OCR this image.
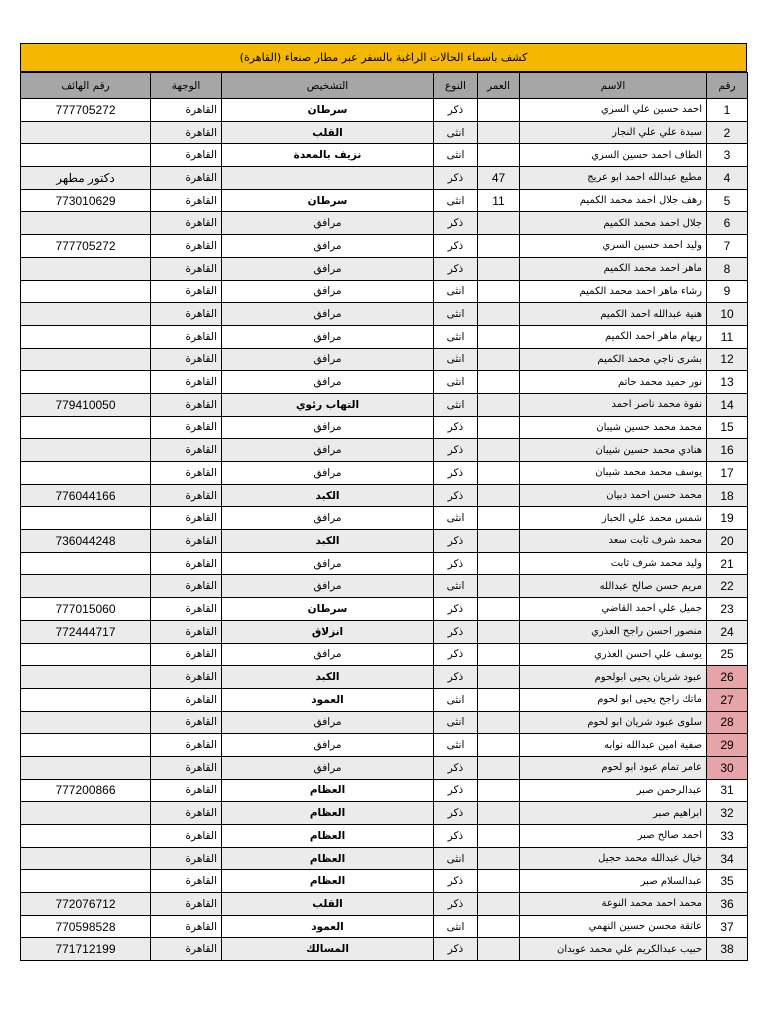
كشف باسماء الحالات الراغبة بالسفر عبر مطار صنعاء (القاهرة)
رقم	الاسم	العمر	النوع	التشخيص	الوجهة	رقم الهائف
1	احمد حسين علي السري		ذكر	سرطان	القاهرة	777705272
2	سبدة علي علي النجار		انثى	القلب	القاهرة	
3	الطاف احمد حسين السري		انثى	نزيف بالمعدة	القاهرة	
4	مطيع عبدالله احمد ابو عريج	47	ذكر		القاهرة	دكتور مطهر
5	رهف جلال احمد محمد الكميم	11	انثى	سرطان	القاهرة	773010629
6	جلال احمد محمد الكميم		ذكر	مرافق	القاهرة	
7	وليد احمد حسين السري		ذكر	مرافق	القاهرة	777705272
8	ماهر احمد محمد الكميم		ذكر	مرافق	القاهرة	
9	رشاء ماهر احمد محمد الكميم		انثى	مرافق	القاهرة	
10	هنية عبدالله احمد الكميم		انثى	مرافق	القاهرة	
11	ريهام ماهر احمد الكميم		انثى	مرافق	القاهرة	
12	بشرى ناجي محمد الكميم		انثى	مرافق	القاهرة	
13	نور حميد محمد حاتم		انثى	مرافق	القاهرة	
14	نفوة محمد ناصر احمد		انثى	التهاب رئوي	القاهرة	779410050
15	محمد محمد حسين شيبان		ذكر	مرافق	القاهرة	
16	هنادي محمد حسين شيبان		ذكر	مرافق	القاهرة	
17	يوسف محمد محمد شيبان		ذكر	مرافق	القاهرة	
18	محمد حسن احمد دبيان		ذكر	الكبد	القاهرة	776044166
19	شمس محمد علي الحباز		انثى	مرافق	القاهرة	
20	محمد شرف ثابت سعد		ذكر	الكبد	القاهرة	736044248
21	وليد محمد شرف ثابت		ذكر	مرافق	القاهرة	
22	مريم حسن صالح عبدالله		انثى	مرافق	القاهرة	
23	جميل علي احمد القاضي		ذكر	سرطان	القاهرة	777015060
24	منصور احسن راجح العذري		ذكر	انزلاق	القاهرة	772444717
25	يوسف علي احسن العذري		ذكر	مرافق	القاهرة	
26	عبود شريان يحيى ابولحوم		ذكر	الكبد	القاهرة	
27	ماتك راجح يحيى ابو لحوم		انثى	العمود	القاهرة	
28	سلوى عبود شريان ابو لحوم		انثى	مرافق	القاهرة	
29	صفية امين عبدالله نوابه		انثى	مرافق	القاهرة	
30	عامر تمام عبود ابو لحوم		ذكر	مرافق	القاهرة	
31	عبدالرحمن صبر		ذكر	العظام	القاهرة	777200866
32	ابراهيم صبر		ذكر	العظام	القاهرة	
33	احمد صالح صبر		ذكر	العظام	القاهرة	
34	خيال عبدالله محمد حجيل		انثى	العظام	القاهرة	
35	عبدالسلام صبر		ذكر	العظام	القاهرة	
36	محمد احمد محمد النوعة		ذكر	القلب	القاهرة	772076712
37	عاتقة محسن حسين النهمي		انثى	العمود	القاهرة	770598528
38	حبيب عبدالكريم علي محمد عوبدان		ذكر	المسالك	القاهرة	771712199
